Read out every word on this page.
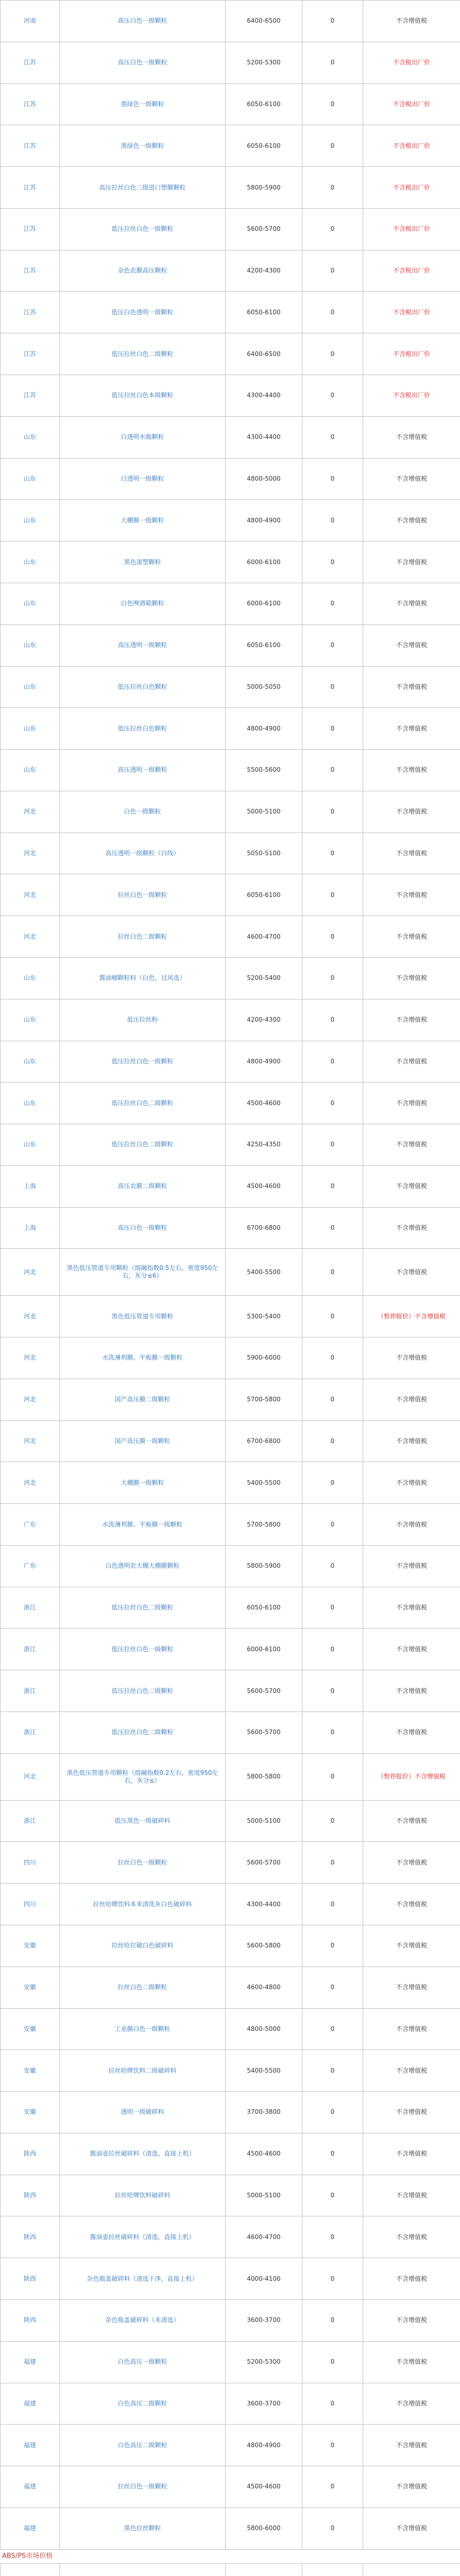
河南	高压白色一级颗粒	6400-6500	0	不含增值税
江苏	高压白色一级颗粒	5200-5300	0	不含税出厂价
江苏	黑绿色一级颗粒	6050-6100	0	不含税出厂价
江苏	黑绿色一级颗粒	6050-6100	0	不含税出厂价
江苏	高压拉丝白色二级进口塑膜颗粒	5800-5900	0	不含税出厂价
江苏	低压拉丝白色一级颗粒	5600-5700	0	不含税出厂价
江苏	杂色农膜高压颗粒	4200-4300	0	不含税出厂价
江苏	低压白色透明一级颗粒	6050-6100	0	不含税出厂价
江苏	低压拉丝白色二级颗粒	6400-6500	0	不含税出厂价
江苏	低压拉丝白色本级颗粒	4300-4400	0	不含税出厂价
山东	白透明水瓶颗粒	4300-4400	0	不含增值税
山东	白透明一级颗粒	4800-5000	0	不含增值税
山东	大棚膜一级颗粒	4800-4900	0	不含增值税
山东	黑色滚塑颗粒	6000-6100	0	不含增值税
山东	白色啤酒箱颗粒	6000-6100	0	不含增值税
山东	高压透明一级颗粒	6050-6100	0	不含增值税
山东	低压拉丝白色颗粒	5000-5050	0	不含增值税
山东	低压拉丝白色颗粒	4800-4900	0	不含增值税
山东	高压透明一级颗粒	5500-5600	0	不含增值税
河北	白色一级颗粒	5000-5100	0	不含增值税
河北	高压透明一级颗粒（白线）	5050-5100	0	不含增值税
河北	拉丝白色一级颗粒	6050-6100	0	不含增值税
河北	拉丝白色二级颗粒	4600-4700	0	不含增值税
山东	酱油桶颗粒料（白色，过风选）	5200-5400	0	不含增值税
山东	低压拉丝粉	4200-4300	0	不含增值税
山东	低压拉丝白色一级颗粒	4800-4900	0	不含增值税
山东	低压拉丝白色二级颗粒	4500-4600	0	不含增值税
山东	低压拉丝白色二级颗粒	4250-4350	0	不含增值税
上海	高压农膜二级颗粒	4500-4600	0	不含增值税
上海	高压白色一级颗粒	6700-6800	0	不含增值税
河北	黑色低压管道专用颗粒（熔融指数0.5左右，密度950左右，灰分≤6）	5400-5500	0	不含增值税
河北	黑色低压管道专用颗粒	5300-5400	0	（暂停报价）不含增值税
河北	水洗薄利膜、平板膜一级颗粒	5900-6000	0	不含增值税
河北	国产高压膜二级颗粒	5700-5800	0	不含增值税
河北	国产高压膜一级颗粒	6700-6800	0	不含增值税
河北	大棚膜一级颗粒	5400-5500	0	不含增值税
广东	水洗薄利膜、平板膜一级颗粒	5700-5800	0	不含增值税
广东	白色透明农大棚大棚膜颗粒	5800-5900	0	不含增值税
浙江	低压拉丝白色二级颗粒	6050-6100	0	不含增值税
浙江	低压拉丝白色一级颗粒	6000-6100	0	不含增值税
浙江	低压拉丝白色二级颗粒	5600-5700	0	不含增值税
浙江	低压拉丝白色二级颗粒	5600-5700	0	不含增值税
河北	黑色低压管道专用颗粒（熔融指数0.2左右，密度950左右，灰分≤）	5800-5800	0	（暂停报价）不含增值税
浙江	低压黑色一级破碎料	5000-5100	0	不含增值税
四川	拉丝白色一级颗粒	5600-5700	0	不含增值税
四川	拉丝哈牌饮料本来清洗灰白色破碎料	4300-4400	0	不含增值税
安徽	拉丝哈拉破白色破碎料	5600-5800	0	不含增值税
安徽	拉丝白色二级颗粒	4600-4800	0	不含增值税
安徽	工业膜白色一级颗粒	4800-5000	0	不含增值税
安徽	拉丝哈牌饮料二级破碎料	5400-5500	0	不含增值税
安徽	透明一级破碎料	3700-3800	0	不含增值税
陕西	酱油壶拉丝破碎料（清选，直接上机）	4500-4600	0	不含增值税
陕西	拉丝哈牌饮料破碎料	5000-5100	0	不含增值税
陕西	酱油壶拉丝破碎料（清选，直接上机）	4600-4700	0	不含增值税
陕西	杂色瓶盖破碎料（清选干净，直接上机）	4000-4100	0	不含增值税
陕西	杂色瓶盖破碎料（未清选）	3600-3700	0	不含增值税
福建	白色高压一级颗粒	5200-5300	0	不含增值税
福建	白色高压二级颗粒	3600-3700	0	不含增值税
福建	白色高压二级颗粒	4800-4900	0	不含增值税
福建	拉丝白色一级颗粒	4500-4600	0	不含增值税
福建	黑色拉丝颗粒	5800-6000	0	不含增值税
ABS/PS市场价格
